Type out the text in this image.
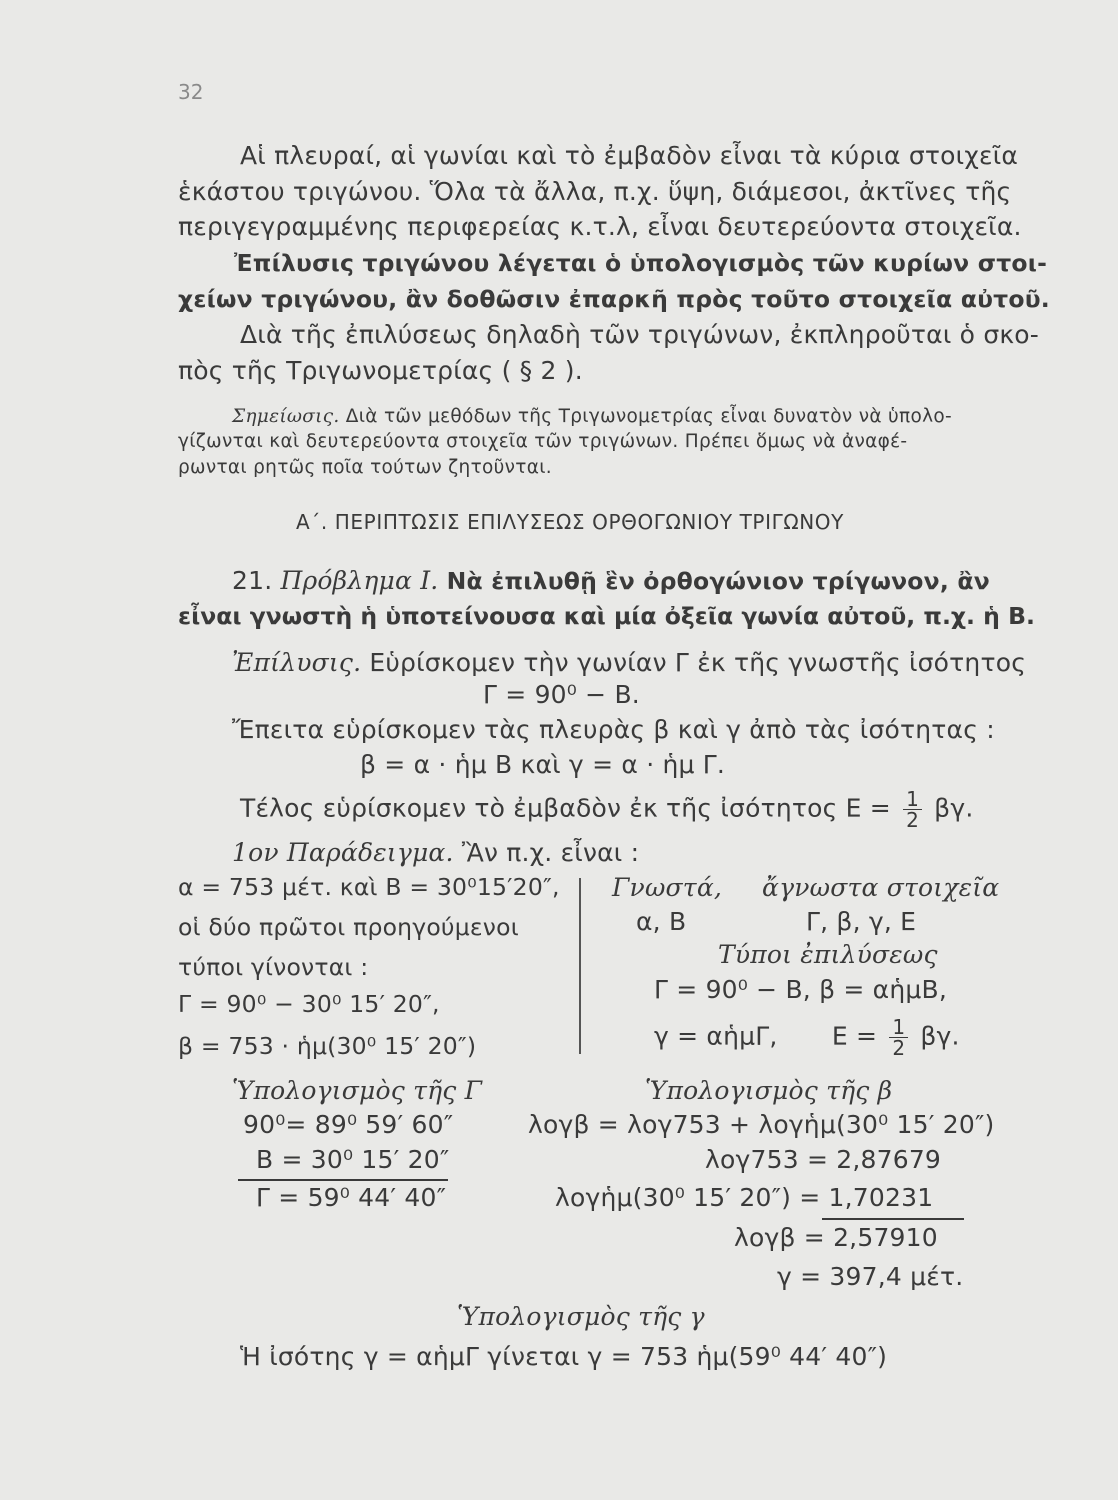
32
Αἱ πλευραί, αἱ γωνίαι καὶ τὸ ἐμβαδὸν εἶναι τὰ κύρια στοιχεῖα
ἑκάστου τριγώνου. Ὅλα τὰ ἄλλα, π.χ. ὕψη, διάμεσοι, ἀκτῖνες τῆς
περιγεγραμμένης περιφερείας κ.τ.λ, εἶναι δευτερεύοντα στοιχεῖα.
Ἐπίλυσις τριγώνου λέγεται ὁ ὑπολογισμὸς τῶν κυρίων στοι-
χείων τριγώνου, ἂν δοθῶσιν ἐπαρκῆ πρὸς τοῦτο στοιχεῖα αὐτοῦ.
Διὰ τῆς ἐπιλύσεως δηλαδὴ τῶν τριγώνων, ἐκπληροῦται ὁ σκο-
πὸς τῆς Τριγωνομετρίας ( § 2 ).
Σημείωσις. Διὰ τῶν μεθόδων τῆς Τριγωνομετρίας εἶναι δυνατὸν νὰ ὑπολο-
γίζωνται καὶ δευτερεύοντα στοιχεῖα τῶν τριγώνων. Πρέπει ὅμως νὰ ἀναφέ-
ρωνται ρητῶς ποῖα τούτων ζητοῦνται.
Α΄. ΠΕΡΙΠΤΩΣΙΣ ΕΠΙΛΥΣΕΩΣ ΟΡΘΟΓΩΝΙΟΥ ΤΡΙΓΩΝΟΥ
21. Πρόβλημα Ι. Νὰ ἐπιλυθῇ ἓν ὀρθογώνιον τρίγωνον, ἂν
εἶναι γνωστὴ ἡ ὑποτείνουσα καὶ μία ὀξεῖα γωνία αὐτοῦ, π.χ. ἡ Β.
Ἐπίλυσις. Εὑρίσκομεν τὴν γωνίαν Γ ἐκ τῆς γνωστῆς ἰσότητος
Γ = 90⁰ − Β.
Ἔπειτα εὑρίσκομεν τὰς πλευρὰς β καὶ γ ἀπὸ τὰς ἰσότητας :
β = α · ἡμ Β καὶ γ = α · ἡμ Γ.
Τέλος εὑρίσκομεν τὸ ἐμβαδὸν ἐκ τῆς ἰσότητος $E = \frac{1}{2} \beta\gamma$.
1ον Παράδειγμα. Ἂν π.χ. εἶναι :
α = 753 μέτ. καὶ Β = 30⁰15′20″,
οἱ δύο πρῶτοι προηγούμενοι
τύποι γίνονται :
Γ = 90⁰ − 30⁰ 15′ 20″,
β = 753 · ἡμ(30⁰ 15′ 20″)
Γνωστά, ἄγνωστα στοιχεῖα
α, Β	Γ, β, γ, Ε
Τύποι ἐπιλύσεως
Γ = 90⁰ − Β, β = αἡμΒ,
γ = αἡμΓ, $E = \frac{1}{2} \beta\gamma$.
Ὑπολογισμὸς τῆς Γ
90⁰= 89⁰ 59′ 60″
Β = 30⁰ 15′ 20″
Γ = 59⁰ 44′ 40″
Ὑπολογισμὸς τῆς β
λογβ = λογ753 + λογἡμ(30⁰ 15′ 20″)
λογ753 = 2,87679
λογἡμ(30⁰ 15′ 20″) = 1,70231
λογβ = 2,57910
γ = 397,4 μέτ.
Ὑπολογισμὸς τῆς γ
Ἡ ἰσότης γ = αἡμΓ γίνεται γ = 753 ἡμ(59⁰ 44′ 40″)
